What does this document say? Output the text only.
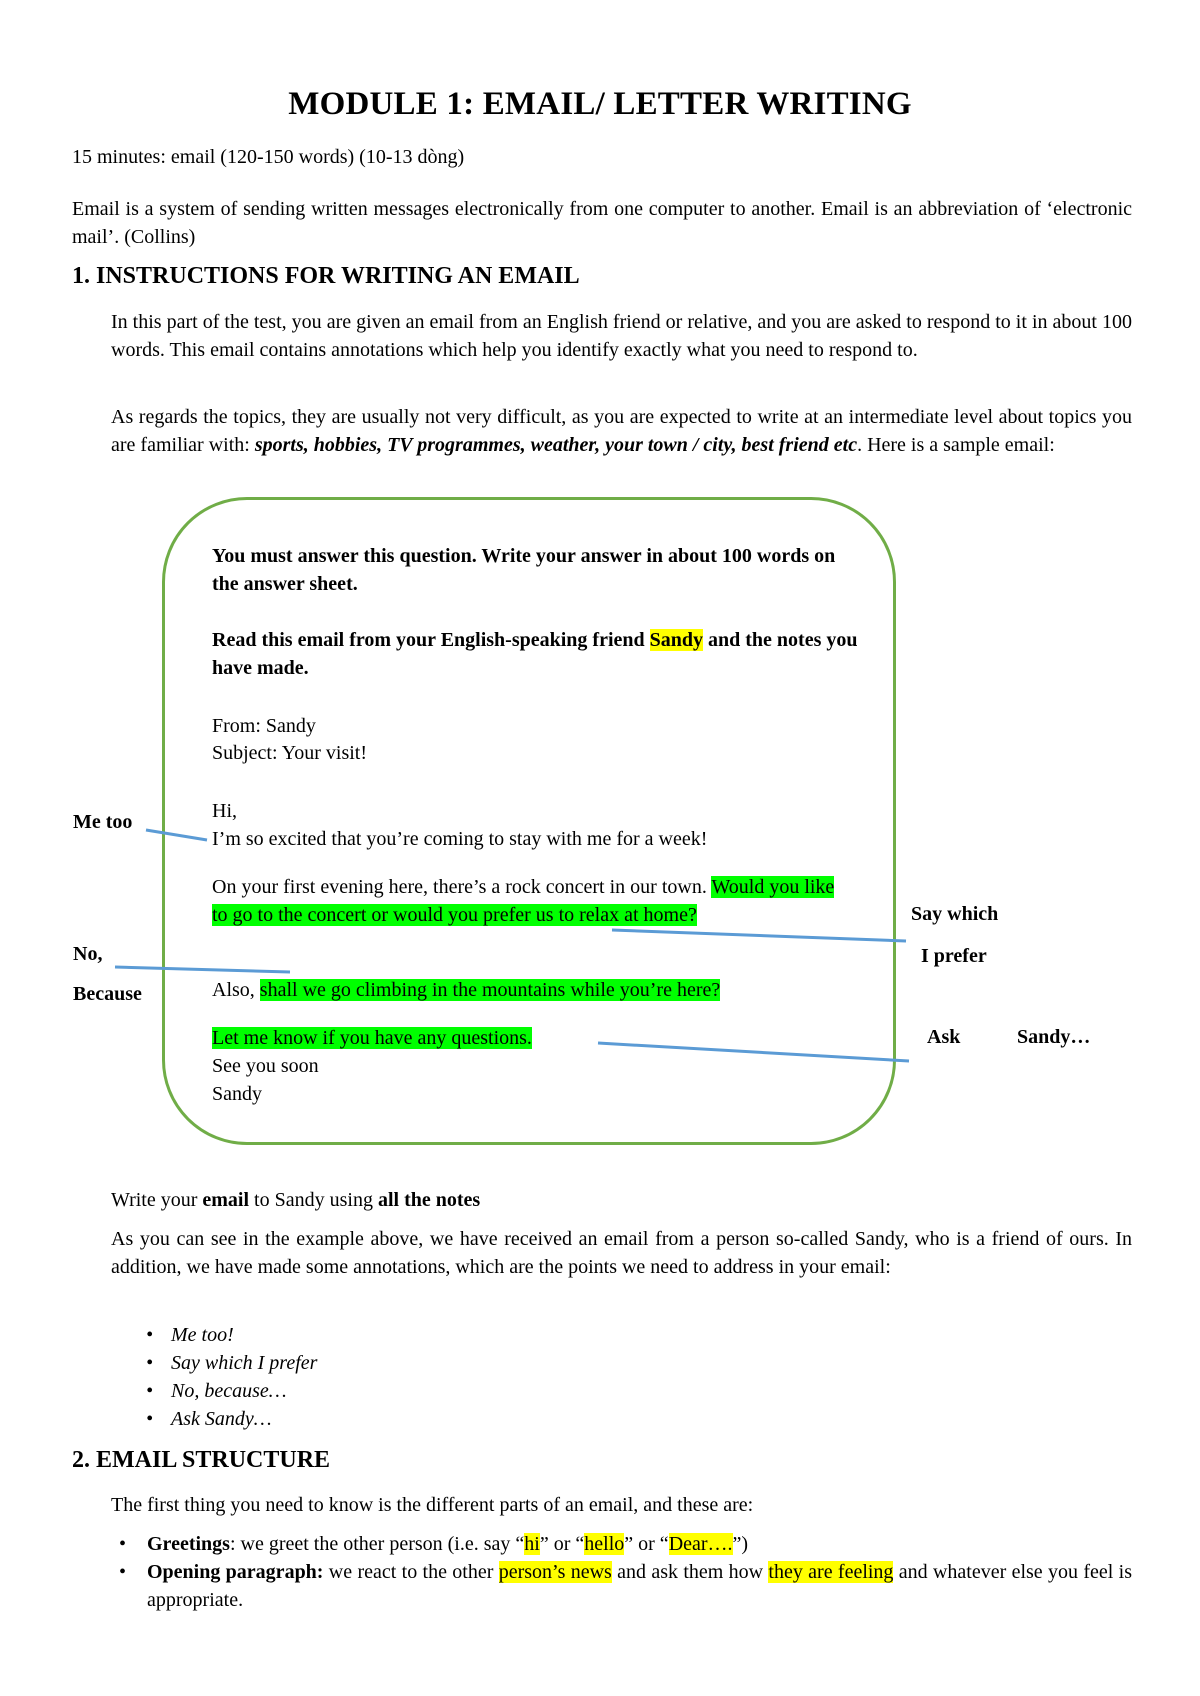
MODULE 1: EMAIL/ LETTER WRITING
15 minutes: email (120-150 words) (10-13 dòng)
Email is a system of sending written messages electronically from one computer to another. Email is an abbreviation of ‘electronic mail’. (Collins)
1. INSTRUCTIONS FOR WRITING AN EMAIL
In this part of the test, you are given an email from an English friend or relative, and you are asked to respond to it in about 100 words. This email contains annotations which help you identify exactly what you need to respond to.
As regards the topics, they are usually not very difficult, as you are expected to write at an intermediate level about topics you are familiar with: sports, hobbies, TV programmes, weather, your town / city, best friend etc. Here is a sample email:
You must answer this question. Write your answer in about 100 words on the answer sheet.
Read this email from your English-speaking friend Sandy and the notes you have made.
From: Sandy
Subject: Your visit!
Hi,
I’m so excited that you’re coming to stay with me for a week!
On your first evening here, there’s a rock concert in our town. Would you like to go to the concert or would you prefer us to relax at home?
Also, shall we go climbing in the mountains while you’re here?
Let me know if you have any questions.
See you soon
Sandy
Me too
No,
Because
Say which
I prefer
Ask	Sandy…
Write your email to Sandy using all the notes
As you can see in the example above, we have received an email from a person so-called Sandy, who is a friend of ours. In addition, we have made some annotations, which are the points we need to address in your email:
• Me too!
• Say which I prefer
• No, because…
• Ask Sandy…
2. EMAIL STRUCTURE
The first thing you need to know is the different parts of an email, and these are:
• Greetings: we greet the other person (i.e. say “hi” or “hello” or “Dear….”)
• Opening paragraph: we react to the other person’s news and ask them how they are feeling and whatever else you feel is appropriate.
